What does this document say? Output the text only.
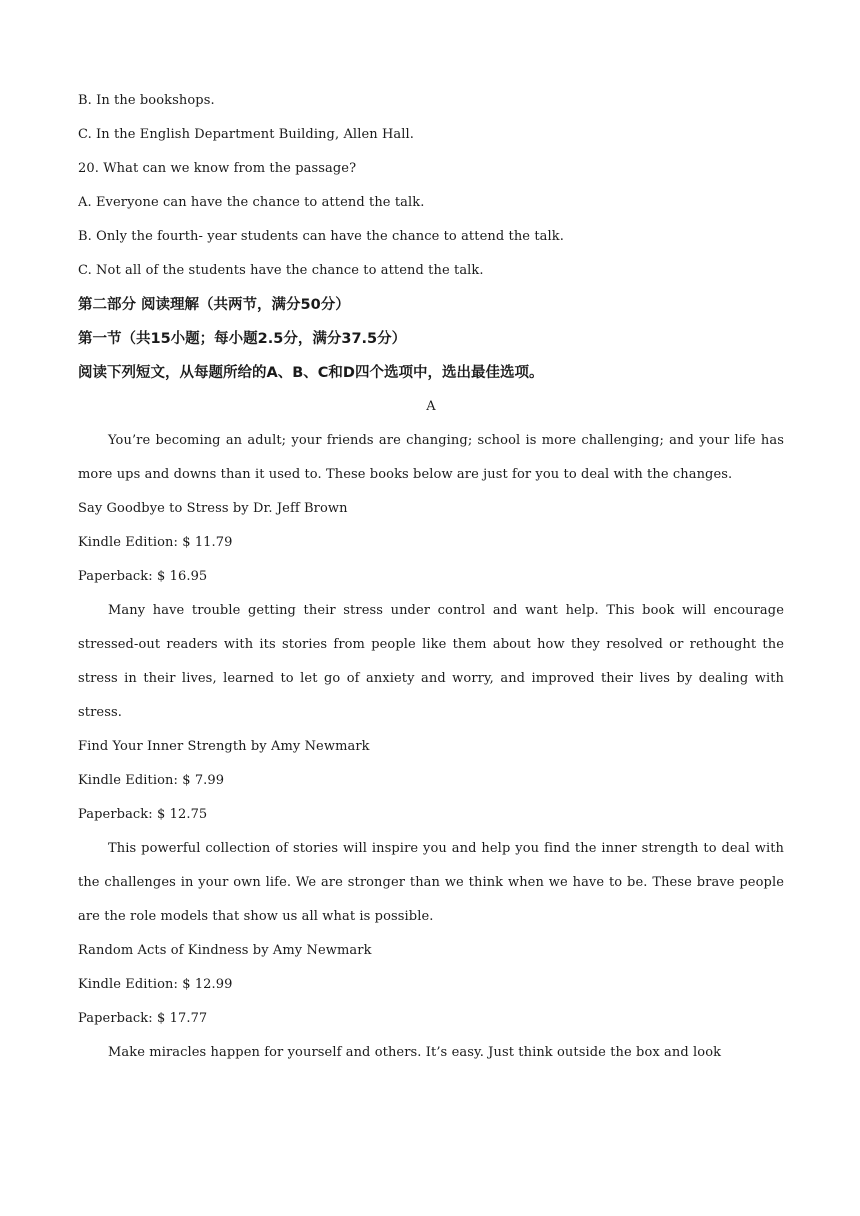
B. In the bookshops.
C. In the English Department Building, Allen Hall.
20. What can we know from the passage?
A. Everyone can have the chance to attend the talk.
B. Only the fourth- year students can have the chance to attend the talk.
C. Not all of the students have the chance to attend the talk.
第二部分 阅读理解（共两节，满分50分）
第一节（共15小题；每小题2.5分，满分37.5分）
阅读下列短文，从每题所给的A、B、C和D四个选项中，选出最佳选项。
A
You’re becoming an adult; your friends are changing; school is more challenging; and your life has more ups and downs than it used to. These books below are just for you to deal with the changes.
Say Goodbye to Stress by Dr. Jeff Brown
Kindle Edition: $ 11.79
Paperback: $ 16.95
Many have trouble getting their stress under control and want help. This book will encourage stressed-out readers with its stories from people like them about how they resolved or rethought the stress in their lives, learned to let go of anxiety and worry, and improved their lives by dealing with stress.
Find Your Inner Strength by Amy Newmark
Kindle Edition: $ 7.99
Paperback: $ 12.75
This powerful collection of stories will inspire you and help you find the inner strength to deal with the challenges in your own life. We are stronger than we think when we have to be. These brave people are the role models that show us all what is possible.
Random Acts of Kindness by Amy Newmark
Kindle Edition: $ 12.99
Paperback: $ 17.77
Make miracles happen for yourself and others. It’s easy. Just think outside the box and look
